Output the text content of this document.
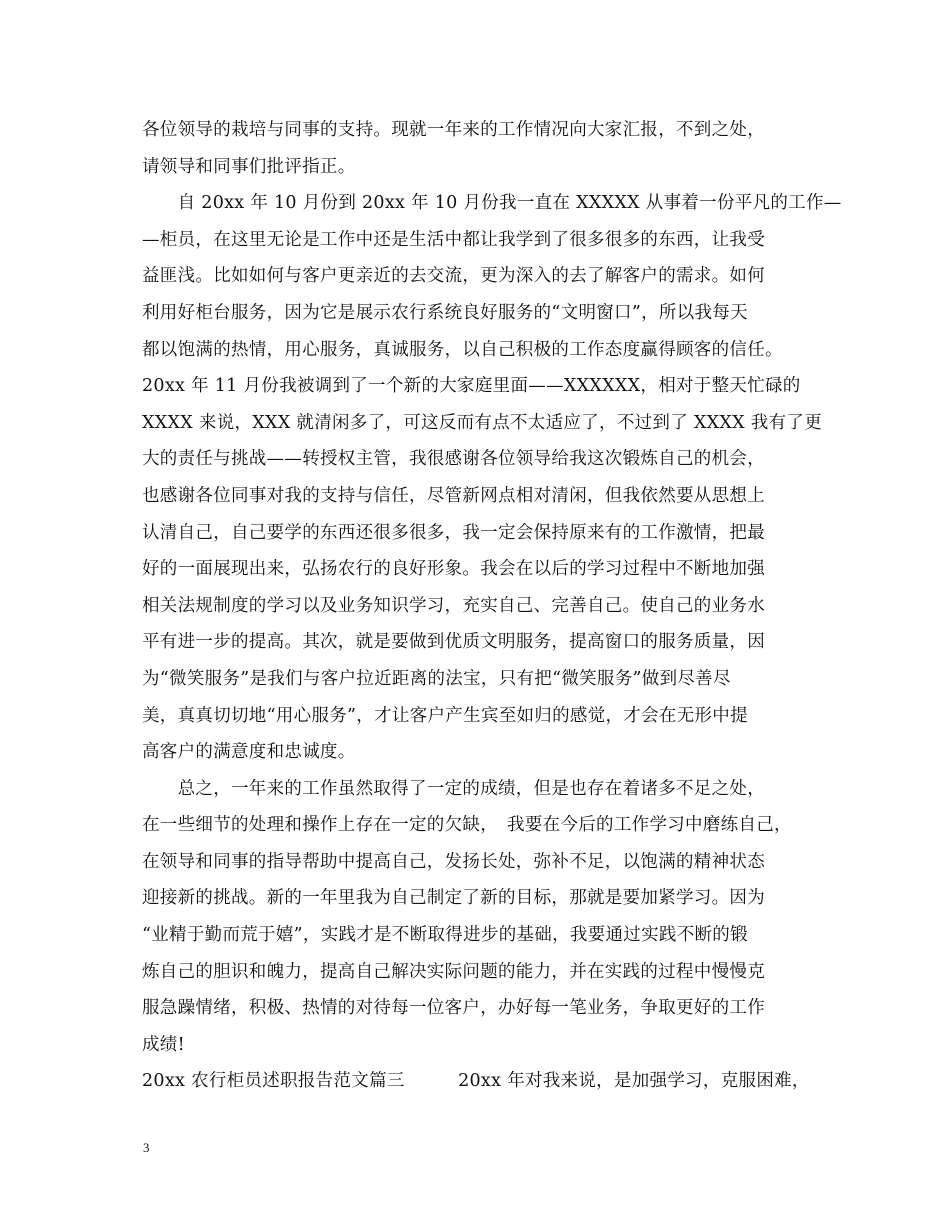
各位领导的栽培与同事的支持。现就一年来的工作情况向大家汇报，不到之处，
请领导和同事们批评指正。
　　自 20xx 年 10 月份到 20xx 年 10 月份我一直在 XXXXX 从事着一份平凡的工作—
—柜员，在这里无论是工作中还是生活中都让我学到了很多很多的东西，让我受
益匪浅。比如如何与客户更亲近的去交流，更为深入的去了解客户的需求。如何
利用好柜台服务，因为它是展示农行系统良好服务的“文明窗口”，所以我每天
都以饱满的热情，用心服务，真诚服务，以自己积极的工作态度赢得顾客的信任。
20xx 年 11 月份我被调到了一个新的大家庭里面——XXXXXX，相对于整天忙碌的
XXXX 来说，XXX 就清闲多了，可这反而有点不太适应了，不过到了 XXXX 我有了更
大的责任与挑战——转授权主管，我很感谢各位领导给我这次锻炼自己的机会，
也感谢各位同事对我的支持与信任，尽管新网点相对清闲，但我依然要从思想上
认清自己，自己要学的东西还很多很多，我一定会保持原来有的工作激情，把最
好的一面展现出来，弘扬农行的良好形象。我会在以后的学习过程中不断地加强
相关法规制度的学习以及业务知识学习，充实自己、完善自己。使自己的业务水
平有进一步的提高。其次，就是要做到优质文明服务，提高窗口的服务质量，因
为“微笑服务”是我们与客户拉近距离的法宝，只有把“微笑服务”做到尽善尽
美，真真切切地“用心服务”，才让客户产生宾至如归的感觉，才会在无形中提
高客户的满意度和忠诚度。
　　总之，一年来的工作虽然取得了一定的成绩，但是也存在着诸多不足之处，
在一些细节的处理和操作上存在一定的欠缺，　我要在今后的工作学习中磨练自己，
在领导和同事的指导帮助中提高自己，发扬长处，弥补不足，以饱满的精神状态
迎接新的挑战。新的一年里我为自己制定了新的目标，那就是要加紧学习。因为
“业精于勤而荒于嬉”，实践才是不断取得进步的基础，我要通过实践不断的锻
炼自己的胆识和魄力，提高自己解决实际问题的能力，并在实践的过程中慢慢克
服急躁情绪，积极、热情的对待每一位客户，办好每一笔业务，争取更好的工作
成绩!
20xx 农行柜员述职报告范文篇三　　　20xx 年对我来说，是加强学习，克服困难，
3
